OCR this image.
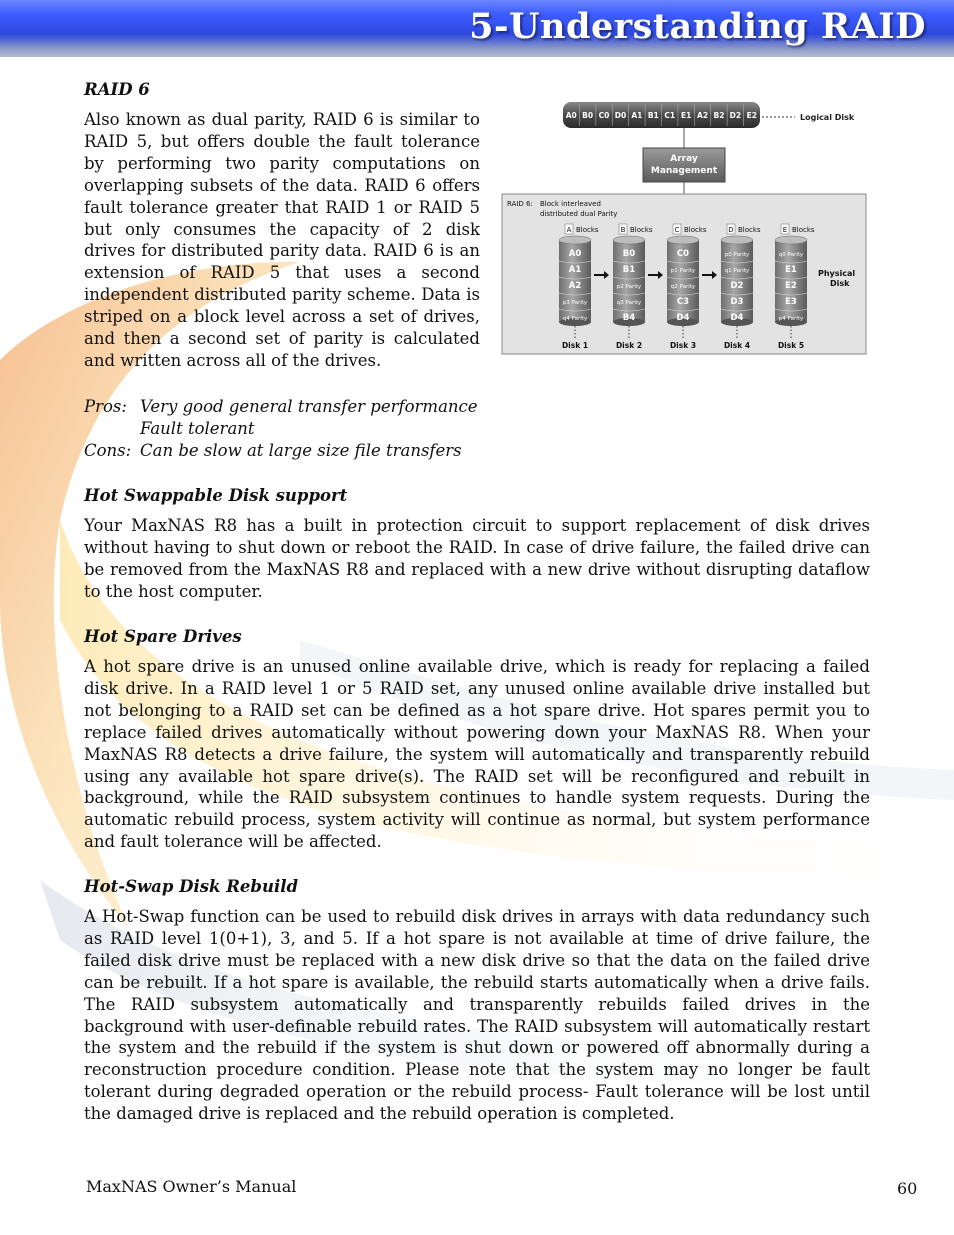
5-Understanding RAID

RAID 6

Also known as dual parity, RAID 6 is similar to RAID 5, but offers double the fault tolerance by performing two parity computations on overlapping subsets of the data. RAID 6 offers fault tolerance greater that RAID 1 or RAID 5 but only consumes the capacity of 2 disk drives for distributed parity data. RAID 6 is an extension of RAID 5 that uses a second independent distributed parity scheme. Data is striped on a block level across a set of drives, and then a second set of parity is calculated and written across all of the drives.

Pros: Very good general transfer performance
Fault tolerant
Cons: Can be slow at large size file transfers
A0 B0 C0 D0 A1 B1 C1 E1 A2 B2 D2 E2	Logical Disk
Array
Management
RAID 6: Block interleaved
distributed dual Parity
A Blocks
A0
A1
A2
p3 Parity
q4 Parity
Disk 1
B Blocks
B0
B1
p2 Parity
q3 Parity
B4
Disk 2
C Blocks
C0
p1 Parity
q2 Parity
C3
D4
Disk 3
D Blocks
p0 Parity
q1 Parity
D2
D3
D4
Disk 4
E Blocks
q0 Parity
E1
E2
E3
p4 Parity
Disk 5
Physical
Disk

Hot Swappable Disk support

Your MaxNAS R8 has a built in protection circuit to support replacement of disk drives without having to shut down or reboot the RAID. In case of drive failure, the failed drive can be removed from the MaxNAS R8 and replaced with a new drive without disrupting dataflow to the host computer.

Hot Spare Drives

A hot spare drive is an unused online available drive, which is ready for replacing a failed disk drive. In a RAID level 1 or 5 RAID set, any unused online available drive installed but not belonging to a RAID set can be defined as a hot spare drive. Hot spares permit you to replace failed drives automatically without powering down your MaxNAS R8. When your MaxNAS R8 detects a drive failure, the system will automatically and transparently rebuild using any available hot spare drive(s). The RAID set will be reconfigured and rebuilt in background, while the RAID subsystem continues to handle system requests. During the automatic rebuild process, system activity will continue as normal, but system performance and fault tolerance will be affected.

Hot-Swap Disk Rebuild

A Hot-Swap function can be used to rebuild disk drives in arrays with data redundancy such as RAID level 1(0+1), 3, and 5. If a hot spare is not available at time of drive failure, the failed disk drive must be replaced with a new disk drive so that the data on the failed drive can be rebuilt. If a hot spare is available, the rebuild starts automatically when a drive fails. The RAID subsystem automatically and transparently rebuilds failed drives in the background with user-definable rebuild rates. The RAID subsystem will automatically restart the system and the rebuild if the system is shut down or powered off abnormally during a reconstruction procedure condition. Please note that the system may no longer be fault tolerant during degraded operation or the rebuild process- Fault tolerance will be lost until the damaged drive is replaced and the rebuild operation is completed.

MaxNAS Owner’s Manual	60
